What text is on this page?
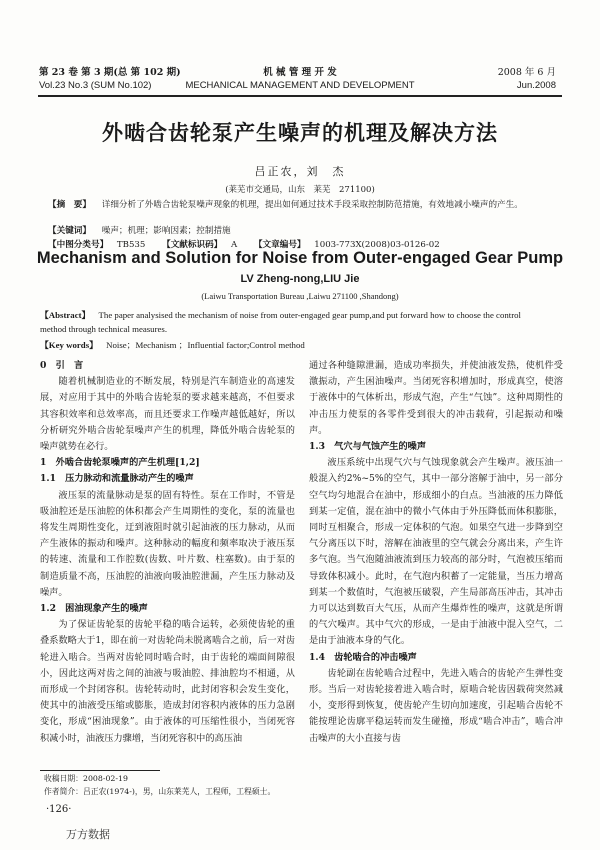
第 23 卷 第 3 期(总 第 102 期)
Vol.23 No.3 (SUM No.102)
机 械 管 理 开 发
MECHANICAL MANAGEMENT AND DEVELOPMENT
2008 年 6 月
Jun.2008
外啮合齿轮泵产生噪声的机理及解决方法
吕正农，刘　杰
(莱芜市交通局，山东　莱芜　271100)
【摘　要】 详细分析了外啮合齿轮泵噪声现象的机理，提出如何通过技术手段采取控制防范措施，有效地减小噪声的产生。
【关键词】 噪声；机理；影响因素；控制措施
【中图分类号】 TB535 【文献标识码】 A 【文章编号】 1003-773X(2008)03-0126-02
Mechanism and Solution for Noise from Outer-engaged Gear Pump
LV Zheng-nong,LIU Jie
(Laiwu Transportation Bureau ,Laiwu 271100 ,Shandong)
【Abstract】 The paper analysised the mechanism of noise from outer-engaged gear pump,and put forward how to choose the control
method through technical measures.
【Key words】 Noise；Mechanism ；Influential factor;Control method

0　引　言

随着机械制造业的不断发展，特别是汽车制造业的高速发展，对应用于其中的外啮合齿轮泵的要求越来越高，不但要求其容积效率和总效率高，而且还要求工作噪声越低越好，所以分析研究外啮合齿轮泵噪声产生的机理，降低外啮合齿轮泵的噪声就势在必行。

1　外啮合齿轮泵噪声的产生机理[1,2]

1.1　压力脉动和流量脉动产生的噪声

液压泵的流量脉动是泵的固有特性。泵在工作时，不管是吸油腔还是压油腔的体积都会产生周期性的变化，泵的流量也将发生周期性变化，迂到液阻时就引起油液的压力脉动，从而产生液体的振动和噪声。这种脉动的幅度和频率取决于液压泵的转速、流量和工作腔数(齿数、叶片数、柱塞数)。由于泵的制造质量不高，压油腔的油液向吸油腔泄漏，产生压力脉动及噪声。

1.2　困油现象产生的噪声

为了保证齿轮泵的齿轮平稳的啮合运转，必须使齿轮的重叠系数略大于1，即在前一对齿轮尚未脱离啮合之前，后一对齿轮进入啮合。当两对齿轮同时啮合时，由于齿轮的端面间隙很小，因此这两对齿之间的油液与吸油腔、排油腔均不相通，从而形成一个封闭容积。齿轮转动时，此封闭容积会发生变化，使其中的油液受压缩或膨胀，造成封闭容积内液体的压力急剧变化，形成“困油现象”。由于液体的可压缩性很小，当闭死容积减小时，油液压力骤增，当闭死容积中的高压油

通过各种缝隙泄漏，造成功率损失，并使油液发热，使机件受激振动，产生困油噪声。当闭死容积增加时，形成真空，使溶于液体中的气体析出，形成气泡，产生“气蚀”。这种周期性的冲击压力使泵的各零件受到很大的冲击载荷，引起振动和噪声。

1.3　气穴与气蚀产生的噪声

液压系统中出现气穴与气蚀现象就会产生噪声。液压油一般混入约2%~5%的空气，其中一部分溶解于油中，另一部分空气均匀地混合在油中，形成细小的白点。当油液的压力降低到某一定值，混在油中的微小气体由于外压降低而体积膨胀，同时互相聚合，形成一定体积的气泡。如果空气进一步降到空气分离压以下时，溶解在油液里的空气就会分离出来，产生许多气泡。当气泡随油液流到压力较高的部分时，气泡被压缩而导致体积减小。此时，在气泡内积蓄了一定能量，当压力增高到某一个数值时，气泡被压破裂，产生局部高压冲击，其冲击力可以达到数百大气压，从而产生爆炸性的噪声，这就是所谓的气穴噪声。其中气穴的形成，一是由于油液中混入空气，二是由于油液本身的气化。

1.4　齿轮啮合的冲击噪声

齿轮副在齿轮啮合过程中，先进入啮合的齿轮产生弹性变形。当后一对齿轮接着进入啮合时，原啮合轮齿因载荷突然减小，变形得到恢复，使齿轮产生切向加速度，引起啮合齿轮不能按理论齿廓平稳运转而发生碰撞，形成“啮合冲击”，啮合冲击噪声的大小直接与齿

收稿日期：2008-02-19
作者简介：吕正农(1974-)，男，山东莱芜人，工程师，工程硕士。
·126·
万方数据
